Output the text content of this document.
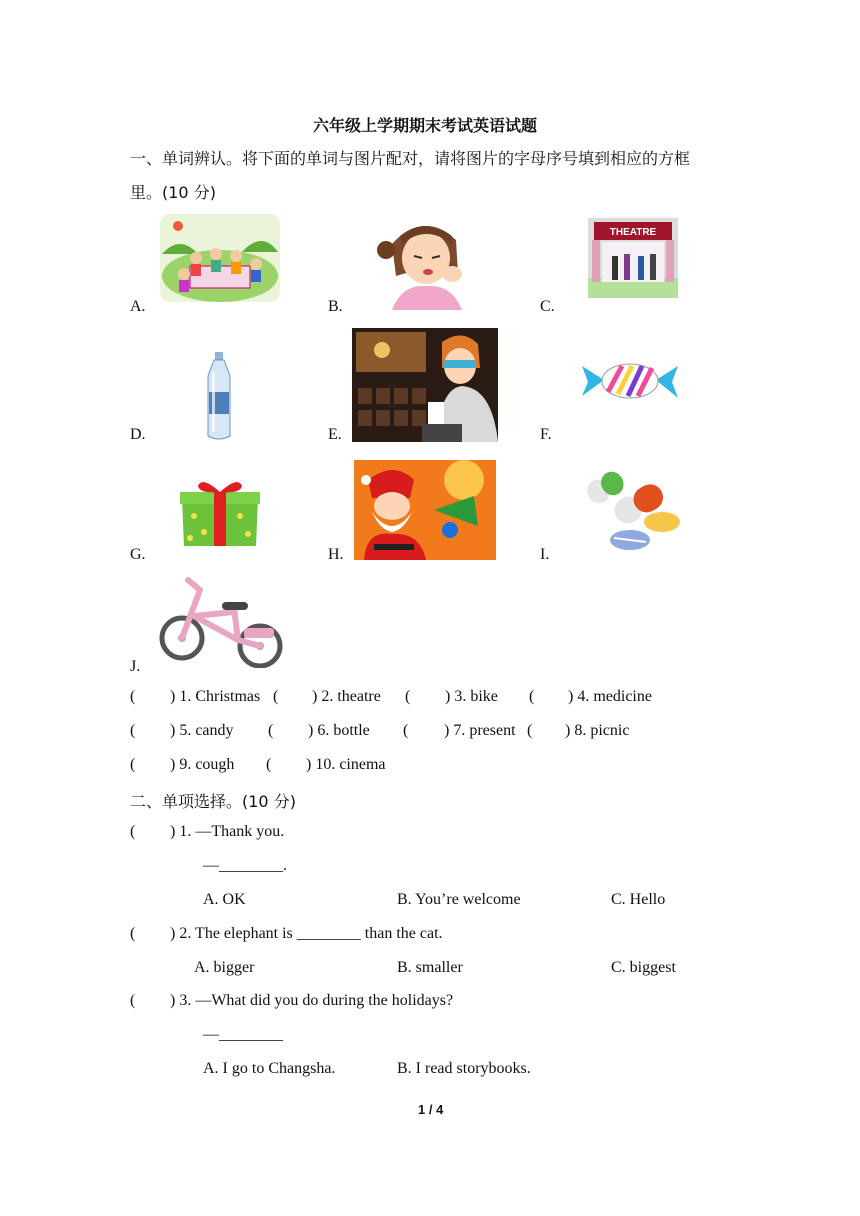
六年级上学期期末考试英语试题
一、单词辨认。将下面的单词与图片配对，请将图片的字母序号填到相应的方框
里。(10 分)
A.	B.
THEATRE
C.
D.	E.	F.
G.	H.	I.
J.
( ) 1. Christmas ( ) 2. theatre ( ) 3. bike ( ) 4. medicine
( ) 5. candy ( ) 6. bottle ( ) 7. present ( ) 8. picnic
( ) 9. cough ( ) 10. cinema
二、单项选择。(10 分)
( ) 1. —Thank you.
—________.
A. OK	B. You’re welcome	C. Hello
( ) 2. The elephant is ________ than the cat.
A. bigger	B. smaller	C. biggest
( ) 3. —What did you do during the holidays?
—________
A. I go to Changsha.	B. I read storybooks.
1 / 4
